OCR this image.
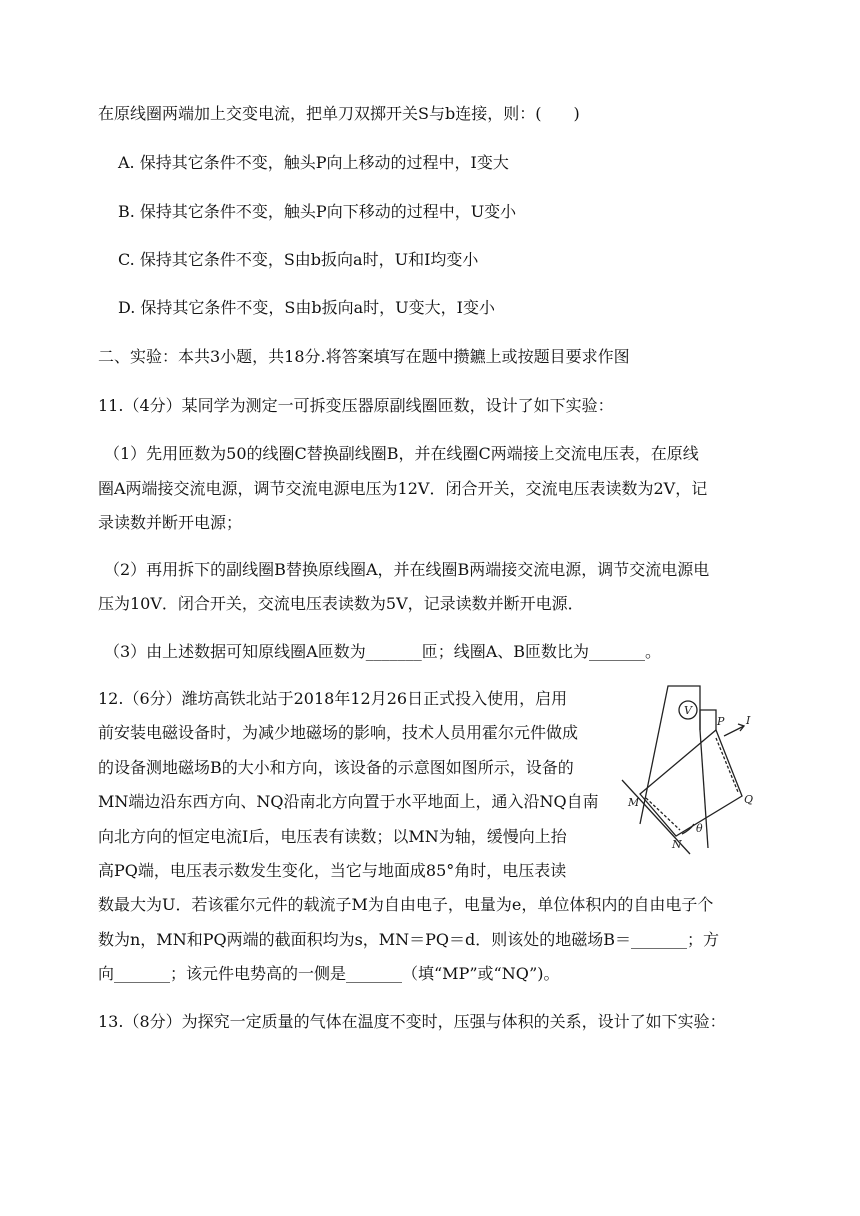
在原线圈两端加上交变电流，把单刀双掷开关S与b连接，则：(　　)
A. 保持其它条件不变，触头P向上移动的过程中，I变大
B. 保持其它条件不变，触头P向下移动的过程中，U变小
C. 保持其它条件不变，S由b扳向a时，U和I均变小
D. 保持其它条件不变，S由b扳向a时，U变大，I变小
二、实验：本共3小题，共18分.将答案填写在题中攒鑣上或按题目要求作图
11.（4分）某同学为测定一可拆变压器原副线圈匝数，设计了如下实验：
（1）先用匝数为50的线圈C替换副线圈B，并在线圈C两端接上交流电压表，在原线
圈A两端接交流电源，调节交流电源电压为12V．闭合开关，交流电压表读数为2V，记
录读数并断开电源；
（2）再用拆下的副线圈B替换原线圈A，并在线圈B两端接交流电源，调节交流电源电
压为10V．闭合开关，交流电压表读数为5V，记录读数并断开电源．
（3）由上述数据可知原线圈A匝数为_______匝；线圈A、B匝数比为_______。
12.（6分）潍坊高铁北站于2018年12月26日正式投入使用，启用
前安装电磁设备时，为减少地磁场的影响，技术人员用霍尔元件做成
的设备测地磁场B的大小和方向，该设备的示意图如图所示，设备的
MN端边沿东西方向、NQ沿南北方向置于水平地面上，通入沿NQ自南
向北方向的恒定电流I后，电压表有读数；以MN为轴，缓慢向上抬
高PQ端，电压表示数发生变化，当它与地面成85°角时，电压表读
数最大为U．若该霍尔元件的载流子M为自由电子，电量为e，单位体积内的自由电子个
数为n，MN和PQ两端的截面积均为s，MN＝PQ＝d．则该处的地磁场B＝_______；方
向_______；该元件电势高的一侧是_______（填“MP”或“NQ”)。
13.（8分）为探究一定质量的气体在温度不变时，压强与体积的关系，设计了如下实验：
V
P I
Q
M
N
θ
